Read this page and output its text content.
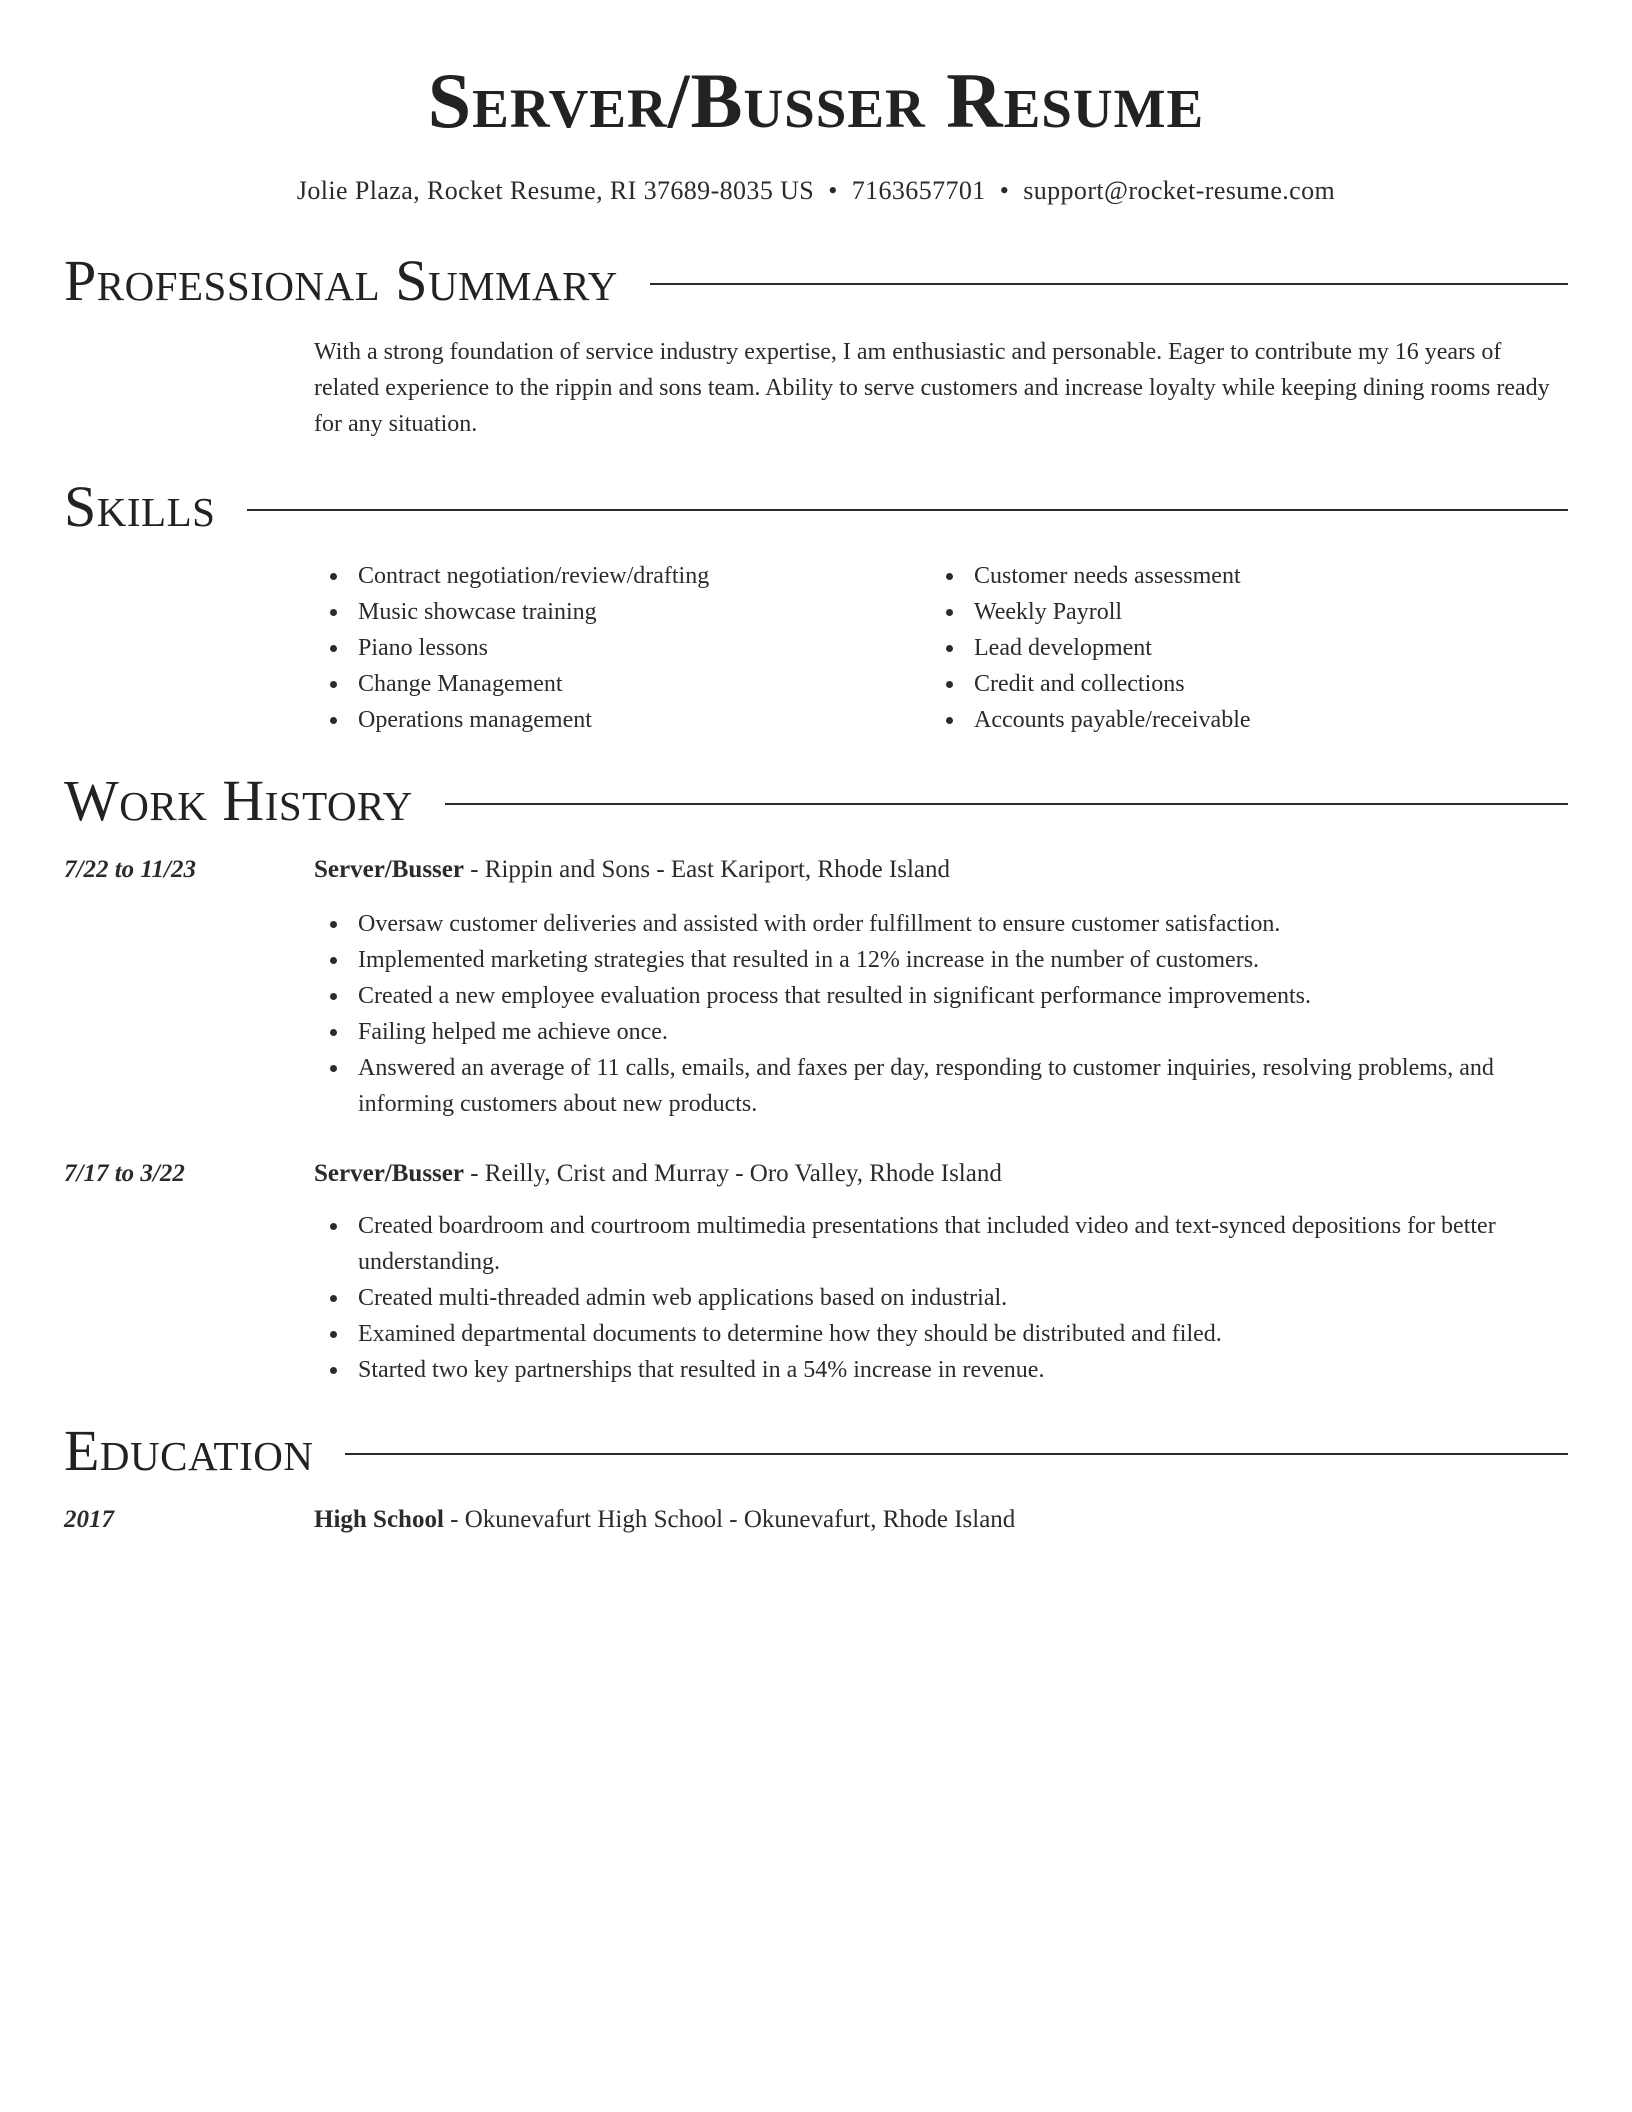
Server/Busser Resume
Jolie Plaza, Rocket Resume, RI 37689-8035 US • 7163657701 • support@rocket-resume.com
Professional Summary

With a strong foundation of service industry expertise, I am enthusiastic and personable. Eager to contribute my 16 years of related experience to the rippin and sons team. Ability to serve customers and increase loyalty while keeping dining rooms ready for any situation.

Skills
Contract negotiation/review/drafting
Music showcase training
Piano lessons
Change Management
Operations management
Customer needs assessment
Weekly Payroll
Lead development
Credit and collections
Accounts payable/receivable
Work History
7/22 to 11/23	Server/Busser - Rippin and Sons - East Kariport, Rhode Island
Oversaw customer deliveries and assisted with order fulfillment to ensure customer satisfaction.
Implemented marketing strategies that resulted in a 12% increase in the number of customers.
Created a new employee evaluation process that resulted in significant performance improvements.
Failing helped me achieve once.
Answered an average of 11 calls, emails, and faxes per day, responding to customer inquiries, resolving problems, and informing customers about new products.
7/17 to 3/22	Server/Busser - Reilly, Crist and Murray - Oro Valley, Rhode Island
Created boardroom and courtroom multimedia presentations that included video and text-synced depositions for better understanding.
Created multi-threaded admin web applications based on industrial.
Examined departmental documents to determine how they should be distributed and filed.
Started two key partnerships that resulted in a 54% increase in revenue.
Education
2017	High School - Okunevafurt High School - Okunevafurt, Rhode Island
